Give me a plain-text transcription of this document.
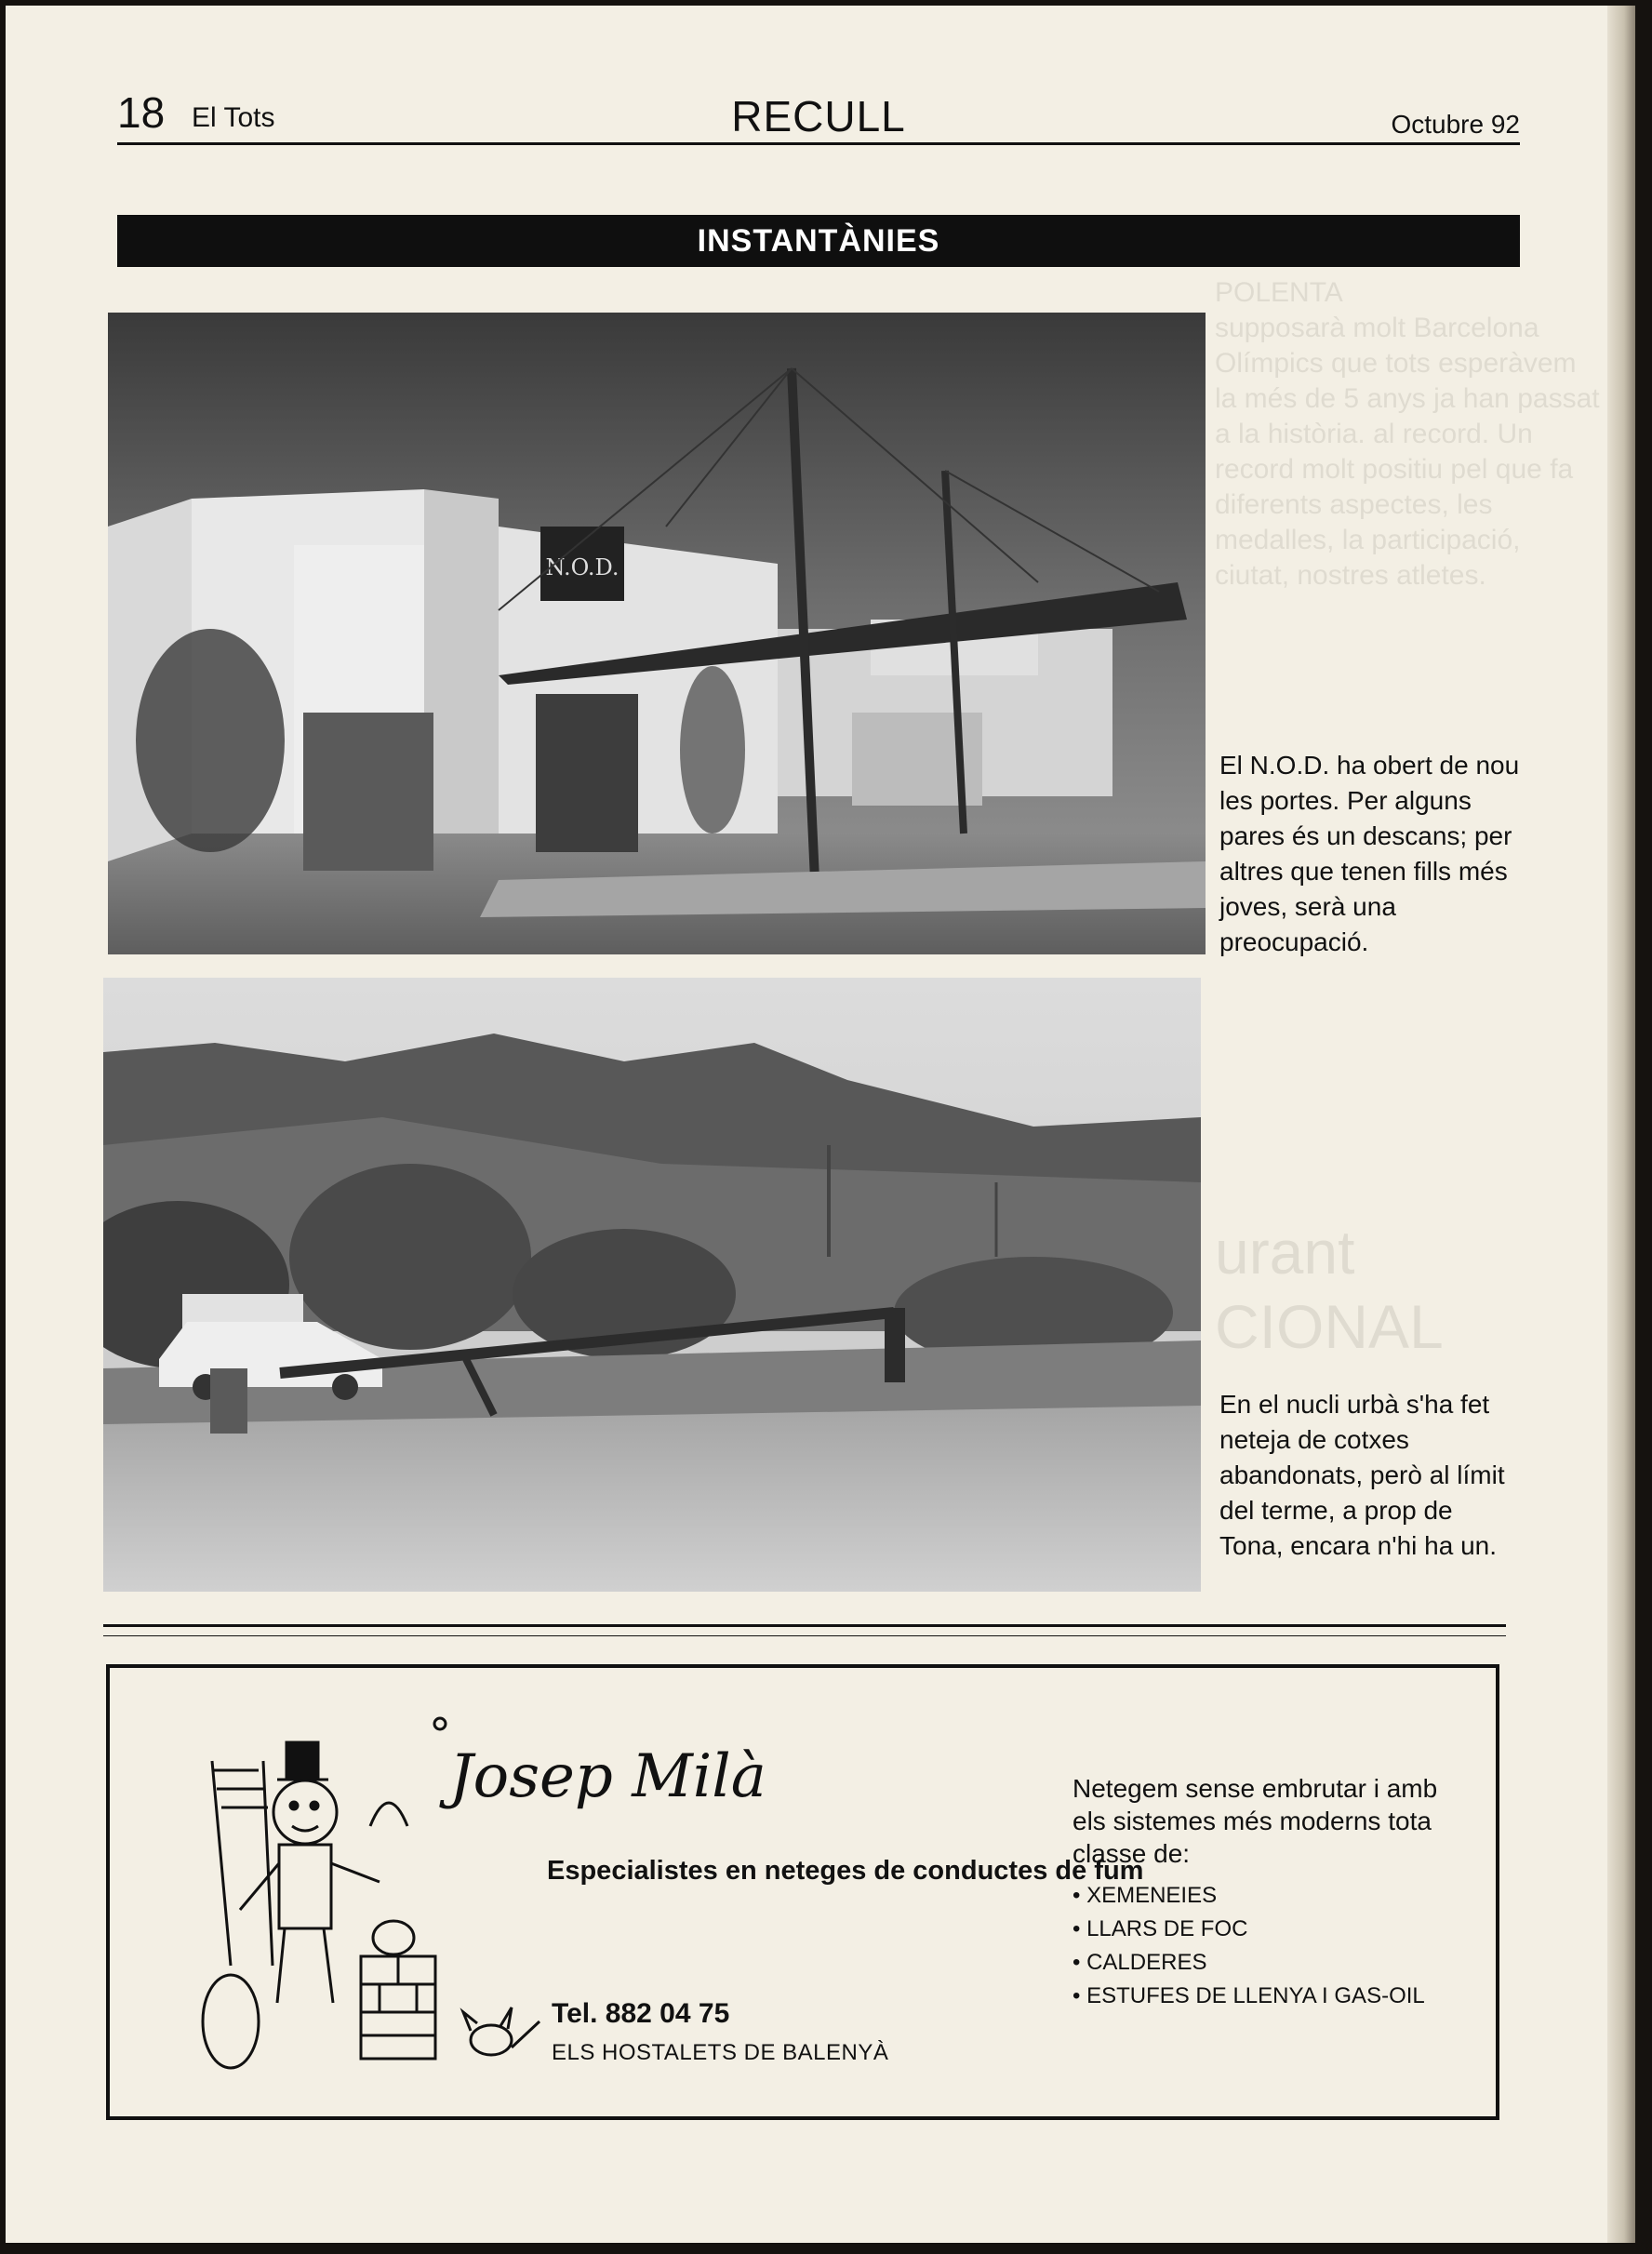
POLENTA
supposarà molt Barcelona
Olímpics que tots esperàvem
la més de 5 anys ja han passat
a la història. al record. Un
record molt positiu pel que fa
diferents aspectes, les
medalles, la participació,
ciutat, nostres atletes.
urant
CIONAL
RECULL
18 El Tots	Octubre 92
INSTANTÀNIES
N.O.D.
El N.O.D. ha obert de nou les portes. Per alguns pares és un descans; per altres que tenen fills més joves, serà una preocupació.
En el nucli urbà s'ha fet neteja de cotxes abandonats, però al límit del terme, a prop de Tona, encara n'hi ha un.
Josep Milà
Especialistes en neteges de conductes de fum
Tel. 882 04 75
ELS HOSTALETS DE BALENYÀ
Netegem sense embrutar i amb els sistemes més moderns tota classe de:
• XEMENEIES
• LLARS DE FOC
• CALDERES
• ESTUFES DE LLENYA I GAS-OIL
